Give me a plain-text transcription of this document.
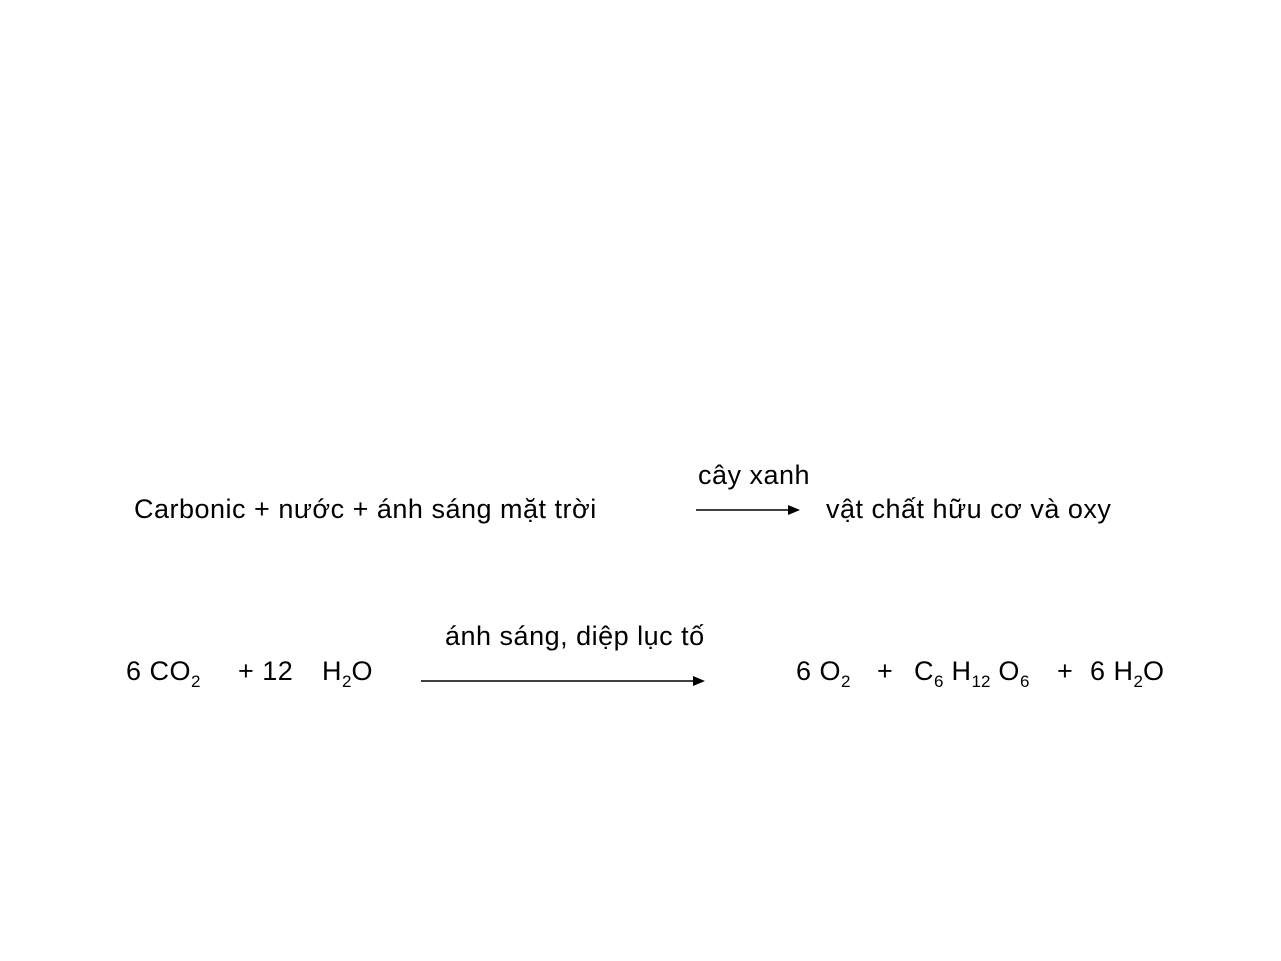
cây xanh
Carbonic + nước + ánh sáng mặt trời	vật chất hữu cơ và oxy
ánh sáng, diệp lục tố
6 $CO_2 + 12$ $H_2O$	6 $O_2 + C_6$ $H_{12}$ $O_6 + 6$ $H_2O$
